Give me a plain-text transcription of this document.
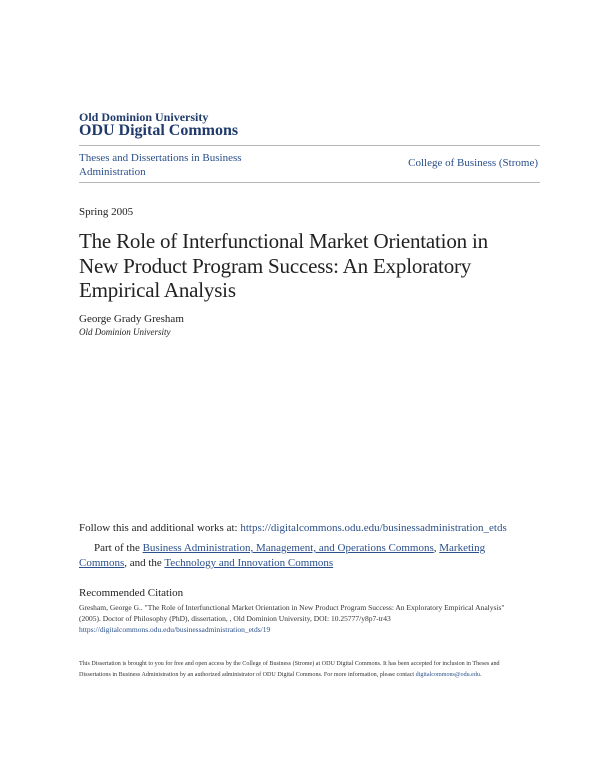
Old Dominion University
ODU Digital Commons
Theses and Dissertations in Business Administration
College of Business (Strome)
Spring 2005
The Role of Interfunctional Market Orientation in New Product Program Success: An Exploratory Empirical Analysis
George Grady Gresham
Old Dominion University
Follow this and additional works at: https://digitalcommons.odu.edu/businessadministration_etds
Part of the Business Administration, Management, and Operations Commons, Marketing Commons, and the Technology and Innovation Commons
Recommended Citation
Gresham, George G.. "The Role of Interfunctional Market Orientation in New Product Program Success: An Exploratory Empirical Analysis" (2005). Doctor of Philosophy (PhD), dissertation, , Old Dominion University, DOI: 10.25777/y8p7-tr43
https://digitalcommons.odu.edu/businessadministration_etds/19
This Dissertation is brought to you for free and open access by the College of Business (Strome) at ODU Digital Commons. It has been accepted for inclusion in Theses and Dissertations in Business Administration by an authorized administrator of ODU Digital Commons. For more information, please contact digitalcommons@odu.edu.
